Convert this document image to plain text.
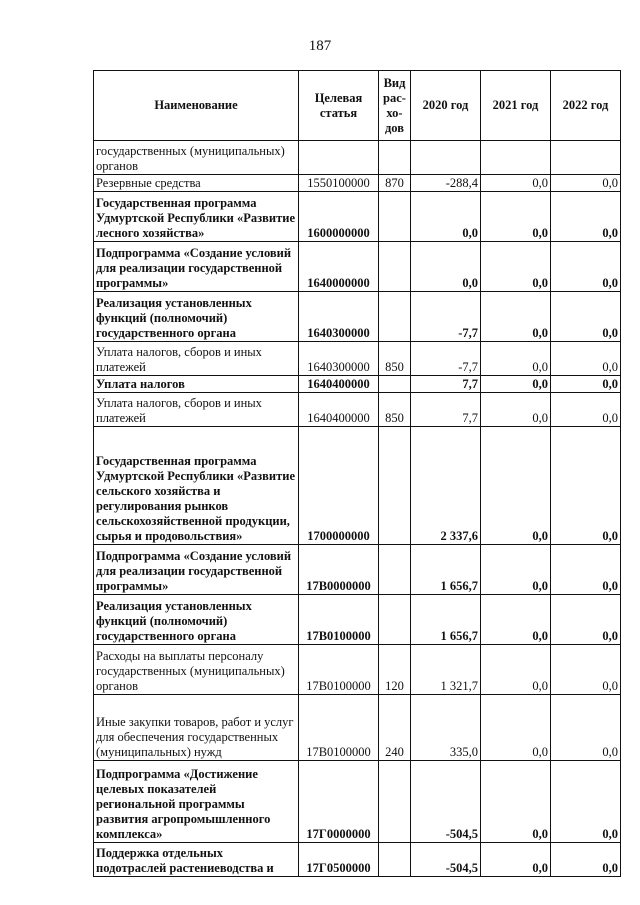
187
Наименование	Целевая статья	Вид рас- хо- дов	2020 год	2021 год	2022 год
государственных (муниципальных) органов					
Резервные средства	1550100000	870	-288,4	0,0	0,0
Государственная программа Удмуртской Республики «Развитие лесного хозяйства»	1600000000		0,0	0,0	0,0
Подпрограмма «Создание условий для реализации государственной программы»	1640000000		0,0	0,0	0,0
Реализация установленных функций (полномочий) государственного органа	1640300000		-7,7	0,0	0,0
Уплата налогов, сборов и иных платежей	1640300000	850	-7,7	0,0	0,0
Уплата налогов	1640400000		7,7	0,0	0,0
Уплата налогов, сборов и иных платежей	1640400000	850	7,7	0,0	0,0
Государственная программа Удмуртской Республики «Развитие сельского хозяйства и регулирования рынков сельскохозяйственной продукции, сырья и продовольствия»	1700000000		2 337,6	0,0	0,0
Подпрограмма «Создание условий для реализации государственной программы»	17В0000000		1 656,7	0,0	0,0
Реализация установленных функций (полномочий) государственного органа	17В0100000		1 656,7	0,0	0,0
Расходы на выплаты персоналу государственных (муниципальных) органов	17В0100000	120	1 321,7	0,0	0,0
Иные закупки товаров, работ и услуг для обеспечения государственных (муниципальных) нужд	17В0100000	240	335,0	0,0	0,0
Подпрограмма «Достижение целевых показателей региональной программы развития агропромышленного комплекса»	17Г0000000		-504,5	0,0	0,0
Поддержка отдельных подотраслей растениеводства и	17Г0500000		-504,5	0,0	0,0
